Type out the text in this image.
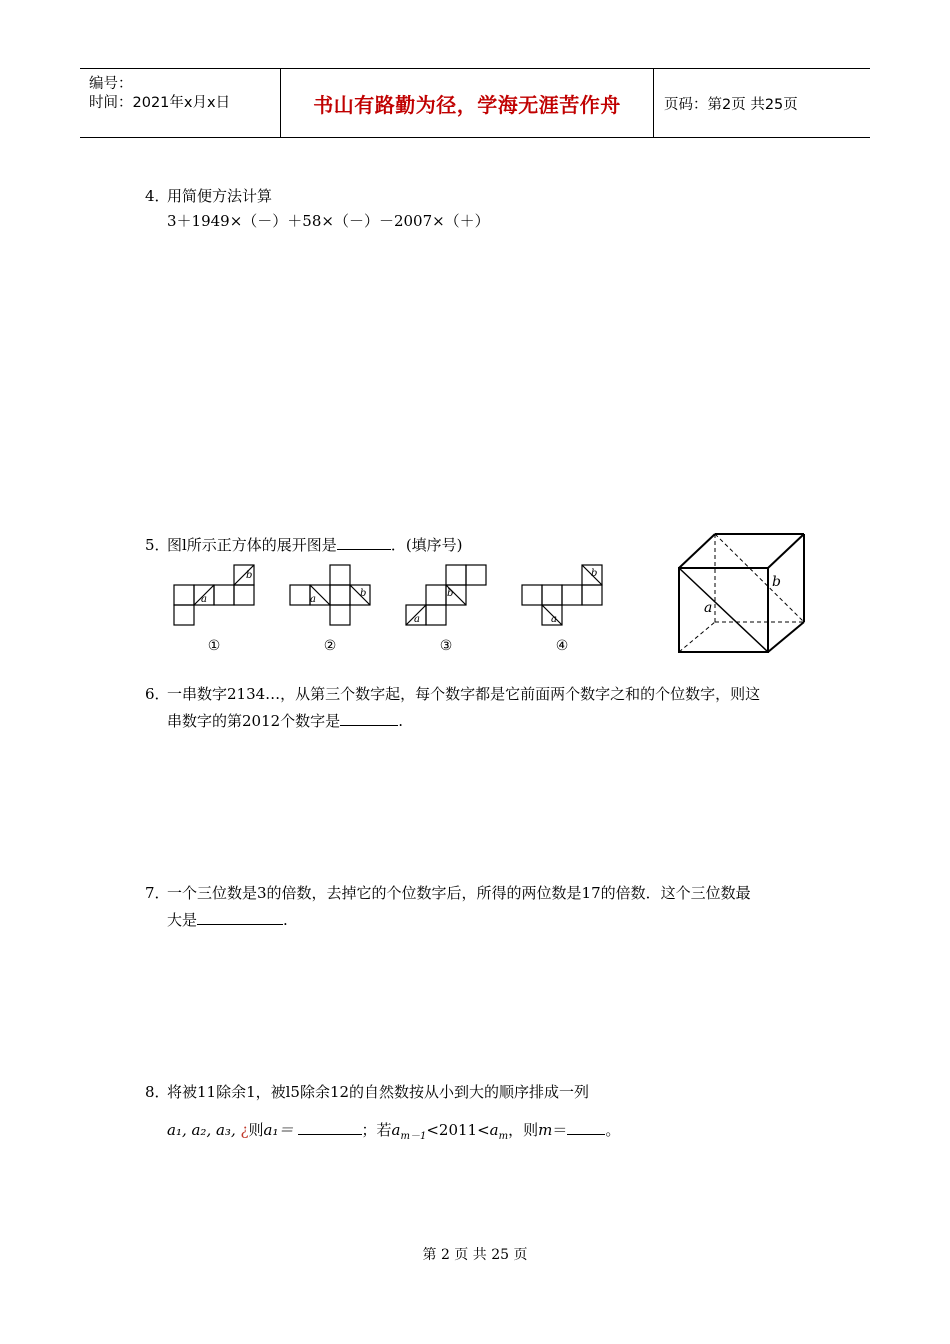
编号：
时间：2021年x月x日	书山有路勤为径，学海无涯苦作舟	页码：第2页 共25页
4．用简便方法计算
3＋1949×（－）＋58×（－）－2007×（＋）
5．图l所示正方体的展开图是	．(填序号)
a
b
a
b
a
b
a
b
①	②	③	④
a
b
6．一串数字2134…，从第三个数字起，每个数字都是它前面两个数字之和的个位数字，则这
串数字的第2012个数字是	.
7．一个三位数是3的倍数，去掉它的个位数字后，所得的两位数是17的倍数．这个三位数最
大是	.
8．将被11除余1，被l5除余12的自然数按从小到大的顺序排成一列
a₁, a₂, a₃, ¿则a₁＝	；若$a_{m-1}<2011<a_m$，则m＝	。
第 2 页 共 25 页
